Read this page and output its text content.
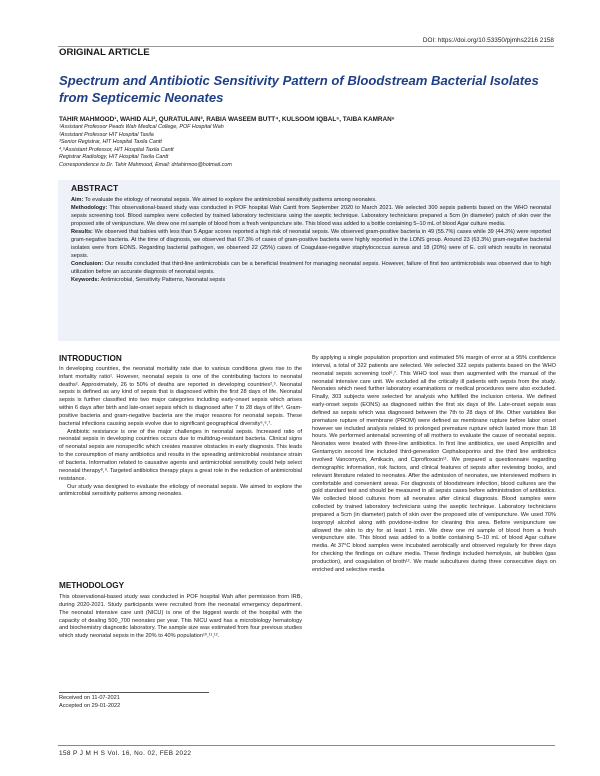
DOI: https://doi.org/10.53350/pjmhs2216 2158
ORIGINAL ARTICLE
Spectrum and Antibiotic Sensitivity Pattern of Bloodstream Bacterial Isolates from Septicemic Neonates
TAHIR MAHMOOD¹, WAHID ALI², QURATULAIN³, RABIA WASEEM BUTT⁴, KULSOOM IQBAL⁵, TAIBA KAMRAN⁶
¹Assistant Professor Peads Wah Medical College, POF Hospital Wah
²Assistant Professor HIT Hospital Taxila
³Senior Registrar, HIT Hospital Taxila Cantt
⁴,⁵Assistant Professor, HIT Hospital Taxila Cantt
Registrar Radiology, HIT Hospital Taxila Cantt
Correspondence to Dr. Tahir Mahmood, Email: drtahirmoo@hotmail.com
ABSTRACT

Aim: To evaluate the etiology of neonatal sepsis. We aimed to explore the antimicrobial sensitivity patterns among neonates.

Methodology: This observational-based study was conducted in POF hospital Wah Cantt from September 2020 to March 2021. We selected 300 sepsis patients based on the WHO neonatal sepsis screening tool. Blood samples were collected by trained laboratory technicians using the aseptic technique. Laboratory technicians prepared a 5cm (in diameter) patch of skin over the proposed site of venipuncture. We drew one ml sample of blood from a fresh venipuncture site. This blood was added to a bottle containing 5–10 mL of blood Agar culture media.

Results: We observed that babies with less than 5 Apgar scores reported a high risk of neonatal sepsis. We observed gram-positive bacteria in 49 (55.7%) cases while 39 (44.3%) were reported gram-negative bacteria. At the time of diagnosis, we observed that 67.3% of cases of gram-positive bacteria were highly reported in the LONS group. Around 23 (63.3%) gram-negative bacterial isolates were from EONS. Regarding bacterial pathogen, we observed 22 (25%) cases of Coagulase-negative staphylococcus aureus and 18 (20%) were of E. coli which results in neonatal sepsis.

Conclusion: Our results concluded that third-line antimicrobials can be a beneficial treatment for managing neonatal sepsis. However, failure of first two antimicrobials was observed due to high utilization before an accurate diagnosis of neonatal sepsis.

Keywords: Antimicrobial, Sensitivity Patterns, Neonatal sepsis

INTRODUCTION

In developing countries, the neonatal mortality rate due to various conditions gives rise to the infant mortality ratio¹. However, neonatal sepsis is one of the contributing factors to neonatal deaths². Approximately, 26 to 50% of deaths are reported in developing countries²,³. Neonatal sepsis is defined as any kind of sepsis that is diagnosed within the first 28 days of life. Neonatal sepsis is further classified into two major categories including early-onset sepsis which arises within 6 days after birth and late-onset sepsis which is diagnosed after 7 to 28 days of life⁴. Gram-positive bacteria and gram-negative bacteria are the major reasons for neonatal sepsis. These bacterial infections causing sepsis evolve due to significant geographical diversity⁵,⁶,⁷.

Antibiotic resistance is one of the major challenges in neonatal sepsis. Increased ratio of neonatal sepsis in developing countries occurs due to multidrug-resistant bacteria. Clinical signs of neonatal sepsis are nonspecific which creates massive obstacles in early diagnosis. This leads to the consumption of many antibiotics and results in the spreading antimicrobial resistance strain of bacteria. Information related to causative agents and antimicrobial sensitivity could help select neonatal therapy⁸,⁹. Targeted antibiotics therapy plays a great role in the reduction of antimicrobial resistance.

Our study was designed to evaluate the etiology of neonatal sepsis. We aimed to explore the antimicrobial sensitivity patterns among neonates.

METHODOLOGY

This observational-based study was conducted in POF hospital Wah after permission from IRB, during 2020-2021. Study participants were recruited from the neonatal emergency department. The neonatal intensive care unit (NICU) is one of the biggest wards of the hospital with the capacity of dealing 500_700 neonates per year. This NICU ward has a microbiology hematology and biochemistry diagnostic laboratory. The sample size was estimated from four previous studies which study neonatal sepsis in the 20% to 40% population¹⁰,¹¹,¹².

Received on 11-07-2021
Accepted on 29-01-2022

By applying a single population proportion and estimated 5% margin of error at a 95% confidence interval, a total of 322 patients are selected. We selected 322 sepsis patients based on the WHO neonatal sepsis screening tool⁶,⁷. This WHO tool was then augmented with the manual of the neonatal intensive care unit. We excluded all the critically ill patients with sepsis from the study. Neonates which need further laboratory examinations or medical procedures were also excluded. Finally, 303 subjects were selected for analysis who fulfilled the inclusion criteria. We defined early-onset sepsis (EONS) as diagnosed within the first six days of life. Late-onset sepsis was defined as sepsis which was diagnosed between the 7th to 28 days of life. Other variables like premature rupture of membrane (PROM) were defined as membrane rupture before labor onset however we included analysis related to prolonged premature rupture which lasted more than 18 hours. We performed antenatal screening of all mothers to evaluate the cause of neonatal sepsis. Neonates were treated with three-line antibiotics. In first line antibiotics, we used Ampicillin and Gentamycin second line included third-generation Cephalosporins and the third line antibiotics involved Vancomycin, Amikacin, and Ciprofloxacin¹¹. We prepared a questionnaire regarding demographic information, risk factors, and clinical features of sepsis after reviewing books, and relevant literature related to neonates. After the admission of neonates, we interviewed mothers in comfortable and convenient areas. For diagnosis of bloodstream infection, blood cultures are the gold standard test and should be measured in all sepsis cases before administration of antibiotics. We collected blood cultures from all neonates after clinical diagnosis. Blood samples were collected by trained laboratory technicians using the aseptic technique. Laboratory technicians prepared a 5cm (in diameter) patch of skin over the proposed site of venipuncture. We used 70% isopropyl alcohol along with povidone-iodine for cleaning this area. Before venipuncture we allowed the skin to dry for at least 1 min. We drew one ml sample of blood from a fresh venipuncture site. This blood was added to a bottle containing 5–10 mL of blood Agar culture media. At 37°C blood samples were incubated aerobically and observed regularly for three days for checking the findings on culture media. These findings included hemolysis, air bubbles (gas production), and coagulation of broth¹². We made subcultures during three consecutive days on enriched and selective media

158 P J M H S Vol. 16, No. 02, FEB 2022
